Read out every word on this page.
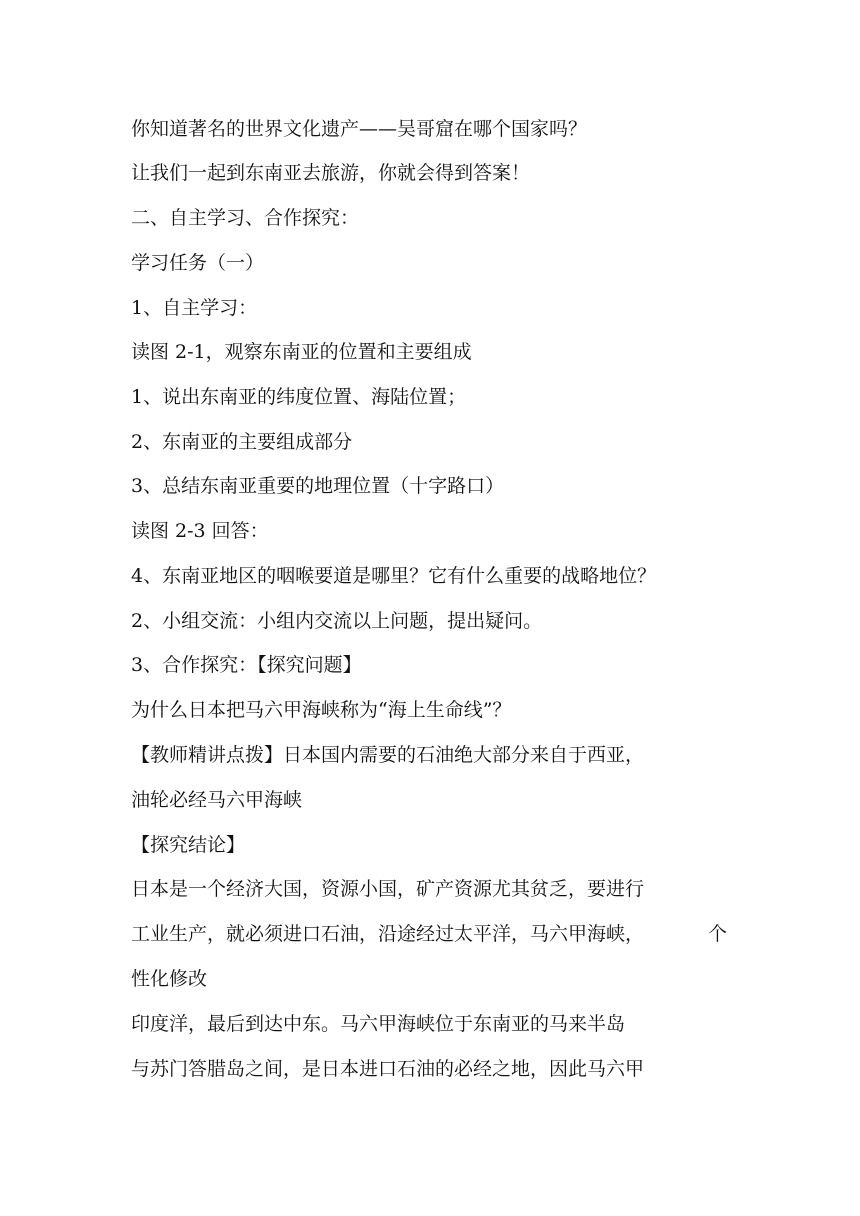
你知道著名的世界文化遗产——吴哥窟在哪个国家吗？
让我们一起到东南亚去旅游，你就会得到答案！
二、自主学习、合作探究：
学习任务（一）
1、自主学习：
读图 2-1，观察东南亚的位置和主要组成
1、说出东南亚的纬度位置、海陆位置；
2、东南亚的主要组成部分
3、总结东南亚重要的地理位置（十字路口）
读图 2-3 回答：
4、东南亚地区的咽喉要道是哪里？它有什么重要的战略地位？
2、小组交流：小组内交流以上问题，提出疑问。
3、合作探究：【探究问题】
为什么日本把马六甲海峡称为“海上生命线”？
【教师精讲点拨】日本国内需要的石油绝大部分来自于西亚，
油轮必经马六甲海峡
【探究结论】
日本是一个经济大国，资源小国，矿产资源尤其贫乏，要进行
工业生产，就必须进口石油，沿途经过太平洋，马六甲海峡，	个
性化修改
印度洋，最后到达中东。马六甲海峡位于东南亚的马来半岛
与苏门答腊岛之间，是日本进口石油的必经之地，因此马六甲
